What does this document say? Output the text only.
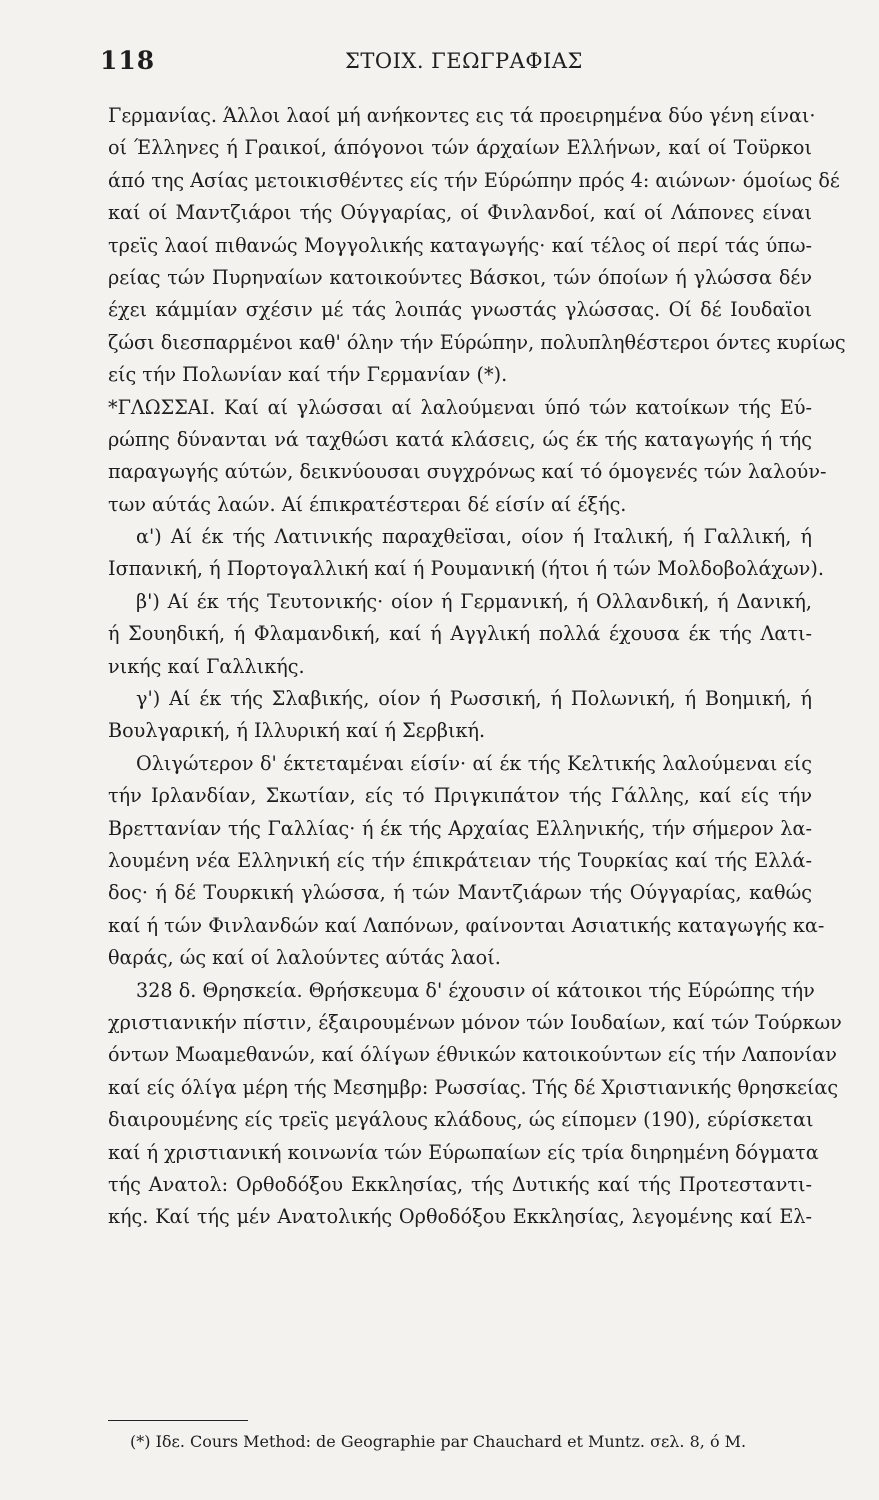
118	ΣΤΟΙΧ. ΓΕΩΓΡΑΦΙΑΣ
Γερμανίας. Άλλοι λαοί μή ανήκοντες εις τά προειρημένα δύο γένη είναι·
οί Έλληνες ή Γραικοί, άπόγονοι τών άρχαίων Ελλήνων, καί οί Τοϋρκοι
άπό της Ασίας μετοικισθέντες είς τήν Εύρώπην πρός 4: αιώνων· όμοίως δέ
καί οί Μαντζιάροι τής Ούγγαρίας, οί Φινλανδοί, καί οί Λάπονες είναι
τρεϊς λαοί πιθανώς Μογγολικής καταγωγής· καί τέλος οί περί τάς ύπω-
ρείας τών Πυρηναίων κατοικούντες Βάσκοι, τών όποίων ή γλώσσα δέν
έχει κάμμίαν σχέσιν μέ τάς λοιπάς γνωστάς γλώσσας. Οί δέ Ιουδαϊοι
ζώσι διεσπαρμένοι καθ' όλην τήν Εύρώπην, πολυπληθέστεροι όντες κυρίως
είς τήν Πολωνίαν καί τήν Γερμανίαν (*).
*ΓΛΩΣΣΑΙ. Καί αί γλώσσαι αί λαλούμεναι ύπό τών κατοίκων τής Εύ-
ρώπης δύνανται νά ταχθώσι κατά κλάσεις, ώς έκ τής καταγωγής ή τής
παραγωγής αύτών, δεικνύουσαι συγχρόνως καί τό όμογενές τών λαλούν-
των αύτάς λαών. Αί έπικρατέστεραι δέ είσίν αί έξής.
α') Αί έκ τής Λατινικής παραχθεϊσαι, οίον ή Ιταλική, ή Γαλλική, ή
Ισπανική, ή Πορτογαλλική καί ή Ρουμανική (ήτοι ή τών Μολδοβολάχων).
β') Αί έκ τής Τευτονικής· οίον ή Γερμανική, ή Ολλανδική, ή Δανική,
ή Σουηδική, ή Φλαμανδική, καί ή Αγγλική πολλά έχουσα έκ τής Λατι-
νικής καί Γαλλικής.
γ') Αί έκ τής Σλαβικής, οίον ή Ρωσσική, ή Πολωνική, ή Βοημική, ή
Βουλγαρική, ή Ιλλυρική καί ή Σερβική.
Ολιγώτερον δ' έκτεταμέναι είσίν· αί έκ τής Κελτικής λαλούμεναι είς
τήν Ιρλανδίαν, Σκωτίαν, είς τό Πριγκιπάτον τής Γάλλης, καί είς τήν
Βρεττανίαν τής Γαλλίας· ή έκ τής Αρχαίας Ελληνικής, τήν σήμερον λα-
λουμένη νέα Ελληνική είς τήν έπικράτειαν τής Τουρκίας καί τής Ελλά-
δος· ή δέ Τουρκική γλώσσα, ή τών Μαντζιάρων τής Ούγγαρίας, καθώς
καί ή τών Φινλανδών καί Λαπόνων, φαίνονται Ασιατικής καταγωγής κα-
θαράς, ώς καί οί λαλούντες αύτάς λαοί.
328 δ. Θρησκεία. Θρήσκευμα δ' έχουσιν οί κάτοικοι τής Εύρώπης τήν
χριστιανικήν πίστιν, έξαιρουμένων μόνον τών Ιουδαίων, καί τών Τούρκων
όντων Μωαμεθανών, καί όλίγων έθνικών κατοικούντων είς τήν Λαπονίαν
καί είς όλίγα μέρη τής Μεσημβρ: Ρωσσίας. Τής δέ Χριστιανικής θρησκείας
διαιρουμένης είς τρεϊς μεγάλους κλάδους, ώς είπομεν (190), εύρίσκεται
καί ή χριστιανική κοινωνία τών Εύρωπαίων είς τρία διηρημένη δόγματα
τής Ανατολ: Ορθοδόξου Εκκλησίας, τής Δυτικής καί τής Προτεσταντι-
κής. Καί τής μέν Ανατολικής Ορθοδόξου Εκκλησίας, λεγομένης καί Ελ-
(*) Ιδε. Cours Method: de Geographie par Chauchard et Muntz. σελ. 8, ό Μ.
